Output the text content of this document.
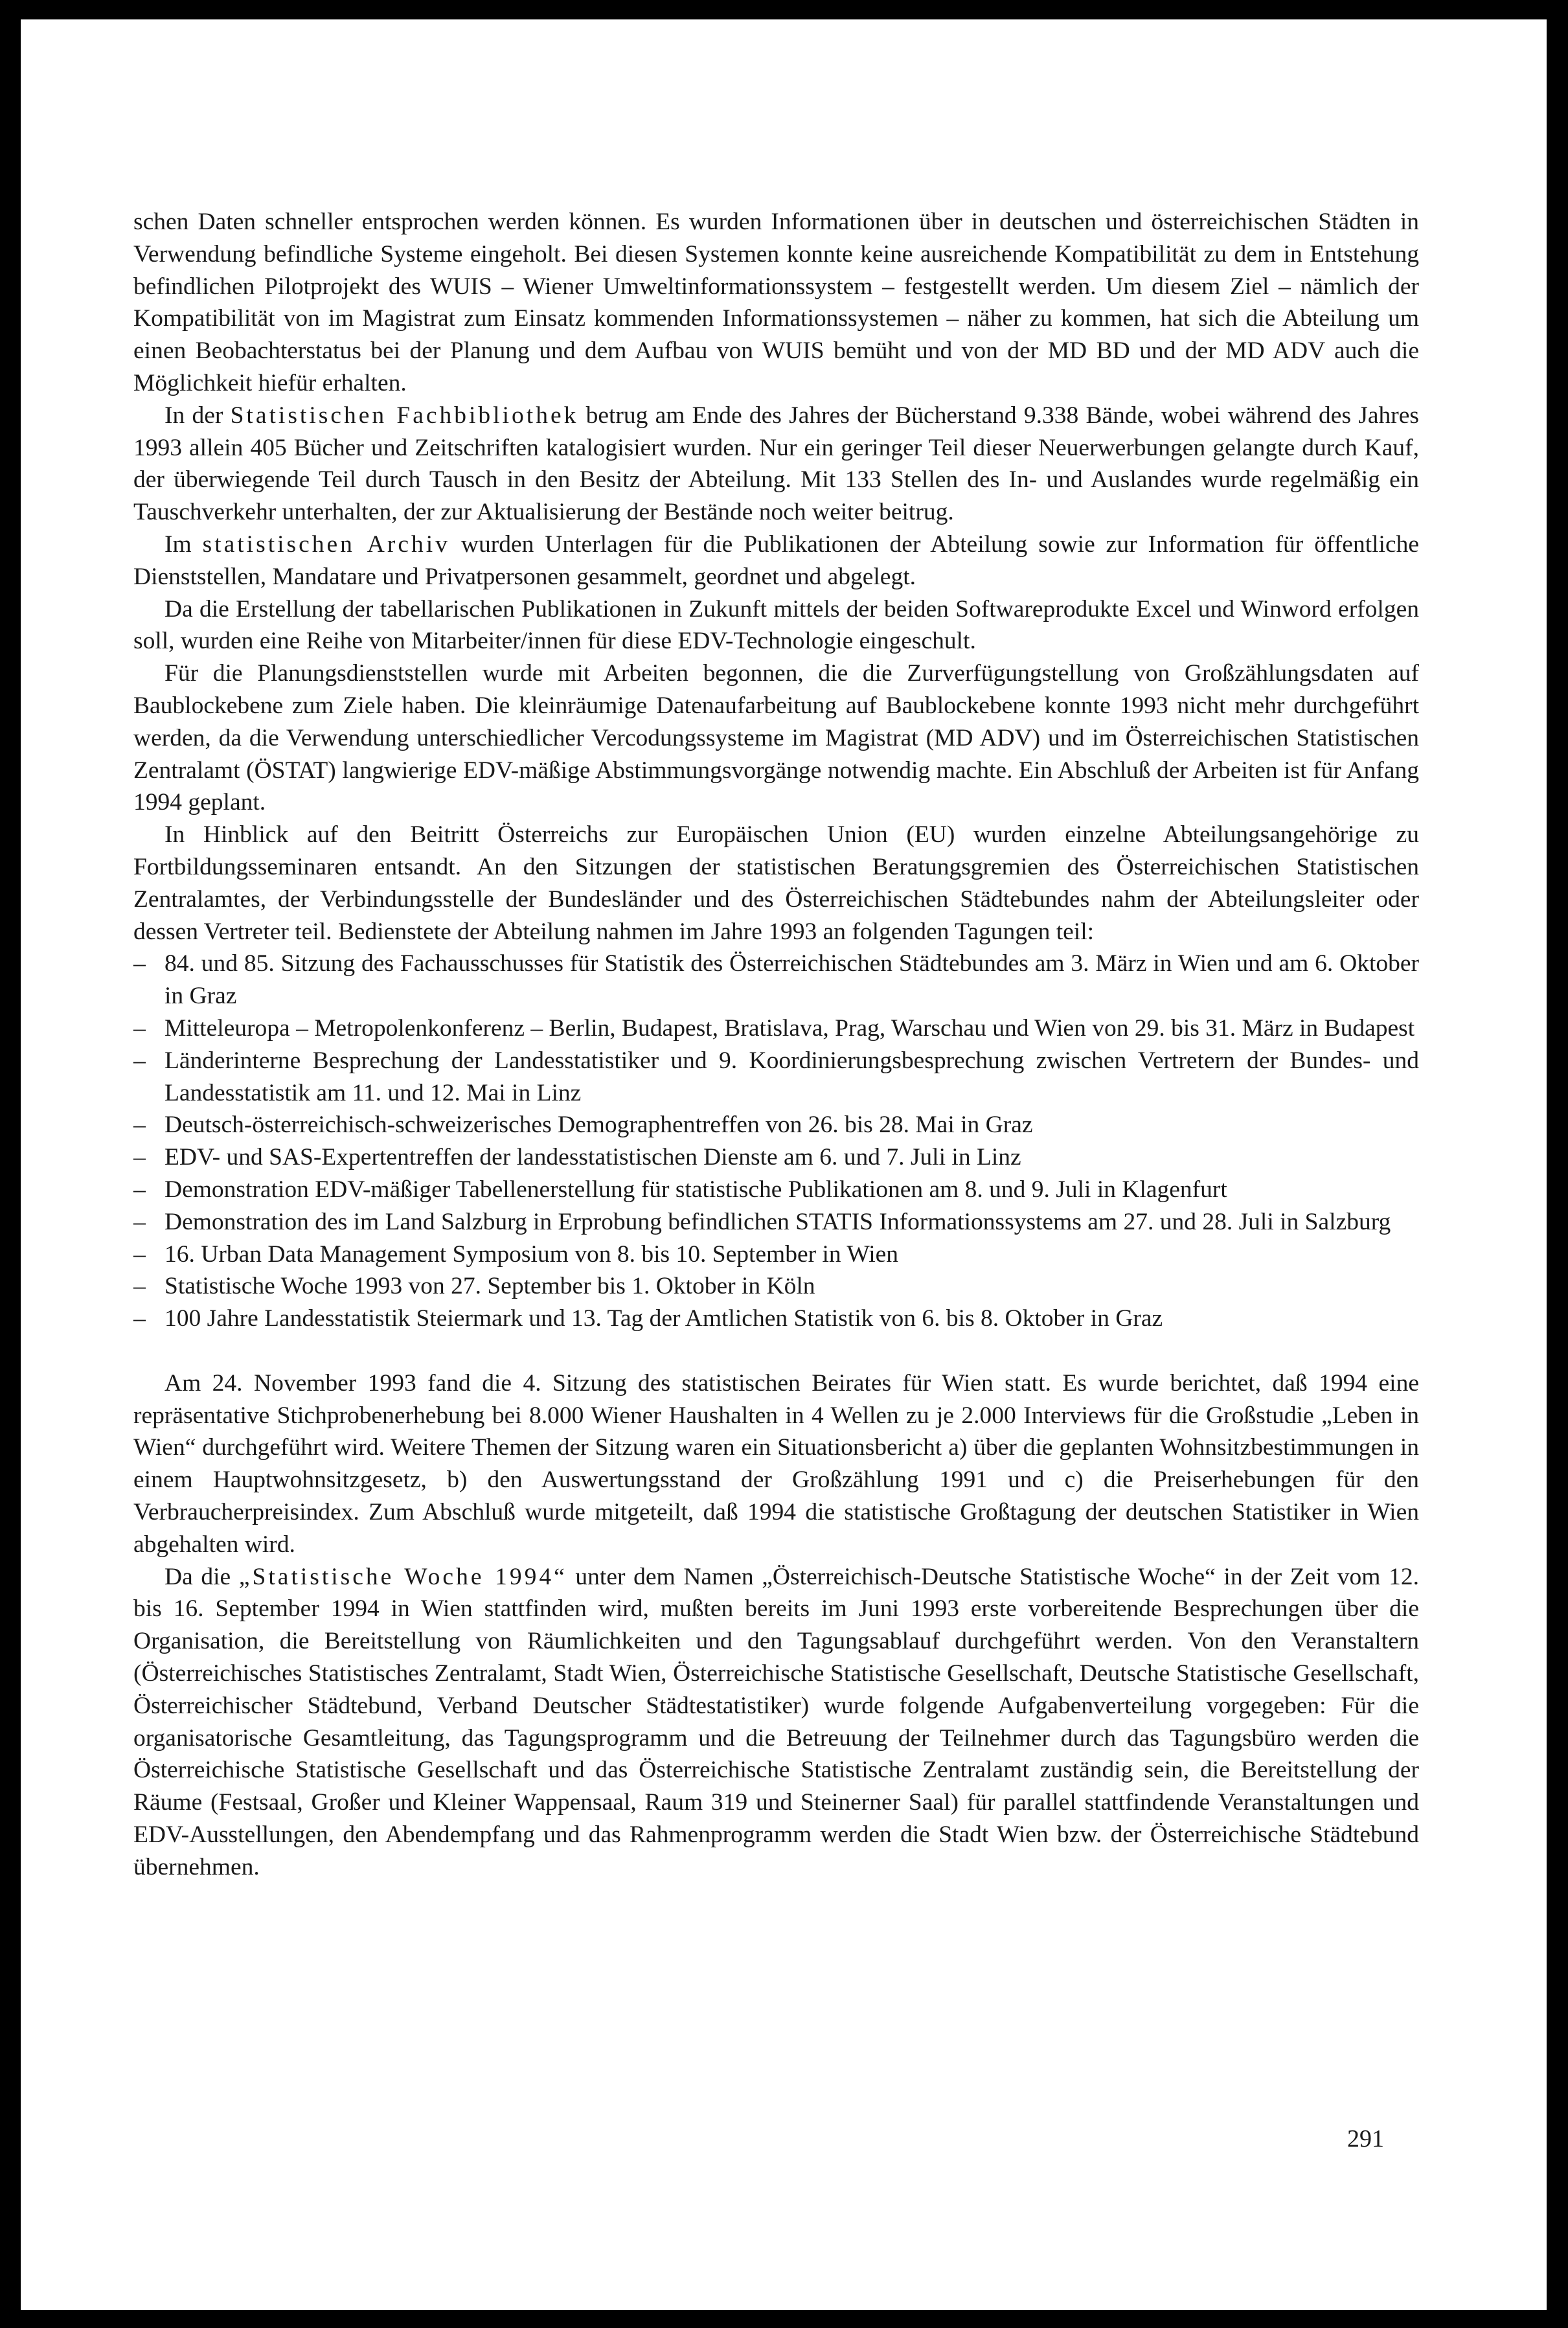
schen Daten schneller entsprochen werden können. Es wurden Informationen über in deutschen und österreichischen Städten in Verwendung befindliche Systeme eingeholt. Bei diesen Systemen konnte keine ausreichende Kompatibilität zu dem in Entstehung befindlichen Pilotprojekt des WUIS – Wiener Umweltinformationssystem – festgestellt werden. Um diesem Ziel – nämlich der Kompatibilität von im Magistrat zum Einsatz kommenden Informationssystemen – näher zu kommen, hat sich die Abteilung um einen Beobachterstatus bei der Planung und dem Aufbau von WUIS bemüht und von der MD BD und der MD ADV auch die Möglichkeit hiefür erhalten.

In der Statistischen Fachbibliothek betrug am Ende des Jahres der Bücherstand 9.338 Bände, wobei während des Jahres 1993 allein 405 Bücher und Zeitschriften katalogisiert wurden. Nur ein geringer Teil dieser Neuerwerbungen gelangte durch Kauf, der überwiegende Teil durch Tausch in den Besitz der Abteilung. Mit 133 Stellen des In- und Auslandes wurde regelmäßig ein Tauschverkehr unterhalten, der zur Aktualisierung der Bestände noch weiter beitrug.

Im statistischen Archiv wurden Unterlagen für die Publikationen der Abteilung sowie zur Information für öffentliche Dienststellen, Mandatare und Privatpersonen gesammelt, geordnet und abgelegt.

Da die Erstellung der tabellarischen Publikationen in Zukunft mittels der beiden Softwareprodukte Excel und Winword erfolgen soll, wurden eine Reihe von Mitarbeiter/innen für diese EDV-Technologie eingeschult.

Für die Planungsdienststellen wurde mit Arbeiten begonnen, die die Zurverfügungstellung von Großzählungsdaten auf Baublockebene zum Ziele haben. Die kleinräumige Datenaufarbeitung auf Baublockebene konnte 1993 nicht mehr durchgeführt werden, da die Verwendung unterschiedlicher Vercodungssysteme im Magistrat (MD ADV) und im Österreichischen Statistischen Zentralamt (ÖSTAT) langwierige EDV-mäßige Abstimmungsvorgänge notwendig machte. Ein Abschluß der Arbeiten ist für Anfang 1994 geplant.

In Hinblick auf den Beitritt Österreichs zur Europäischen Union (EU) wurden einzelne Abteilungsangehörige zu Fortbildungsseminaren entsandt. An den Sitzungen der statistischen Beratungsgremien des Österreichischen Statistischen Zentralamtes, der Verbindungsstelle der Bundesländer und des Österreichischen Städtebundes nahm der Abteilungsleiter oder dessen Vertreter teil. Bedienstete der Abteilung nahmen im Jahre 1993 an folgenden Tagungen teil:

– 84. und 85. Sitzung des Fachausschusses für Statistik des Österreichischen Städtebundes am 3. März in Wien und am 6. Oktober in Graz
– Mitteleuropa – Metropolenkonferenz – Berlin, Budapest, Bratislava, Prag, Warschau und Wien von 29. bis 31. März in Budapest
– Länderinterne Besprechung der Landesstatistiker und 9. Koordinierungsbesprechung zwischen Vertretern der Bundes- und Landesstatistik am 11. und 12. Mai in Linz
– Deutsch-österreichisch-schweizerisches Demographentreffen von 26. bis 28. Mai in Graz
– EDV- und SAS-Expertentreffen der landesstatistischen Dienste am 6. und 7. Juli in Linz
– Demonstration EDV-mäßiger Tabellenerstellung für statistische Publikationen am 8. und 9. Juli in Klagenfurt
– Demonstration des im Land Salzburg in Erprobung befindlichen STATIS Informationssystems am 27. und 28. Juli in Salzburg
– 16. Urban Data Management Symposium von 8. bis 10. September in Wien
– Statistische Woche 1993 von 27. September bis 1. Oktober in Köln
– 100 Jahre Landesstatistik Steiermark und 13. Tag der Amtlichen Statistik von 6. bis 8. Oktober in Graz

Am 24. November 1993 fand die 4. Sitzung des statistischen Beirates für Wien statt. Es wurde berichtet, daß 1994 eine repräsentative Stichprobenerhebung bei 8.000 Wiener Haushalten in 4 Wellen zu je 2.000 Interviews für die Großstudie „Leben in Wien“ durchgeführt wird. Weitere Themen der Sitzung waren ein Situationsbericht a) über die geplanten Wohnsitzbestimmungen in einem Hauptwohnsitzgesetz, b) den Auswertungsstand der Großzählung 1991 und c) die Preiserhebungen für den Verbraucherpreisindex. Zum Abschluß wurde mitgeteilt, daß 1994 die statistische Großtagung der deutschen Statistiker in Wien abgehalten wird.

Da die „Statistische Woche 1994“ unter dem Namen „Österreichisch-Deutsche Statistische Woche“ in der Zeit vom 12. bis 16. September 1994 in Wien stattfinden wird, mußten bereits im Juni 1993 erste vorbereitende Besprechungen über die Organisation, die Bereitstellung von Räumlichkeiten und den Tagungsablauf durchgeführt werden. Von den Veranstaltern (Österreichisches Statistisches Zentralamt, Stadt Wien, Österreichische Statistische Gesellschaft, Deutsche Statistische Gesellschaft, Österreichischer Städtebund, Verband Deutscher Städtestatistiker) wurde folgende Aufgabenverteilung vorgegeben: Für die organisatorische Gesamtleitung, das Tagungsprogramm und die Betreuung der Teilnehmer durch das Tagungsbüro werden die Österreichische Statistische Gesellschaft und das Österreichische Statistische Zentralamt zuständig sein, die Bereitstellung der Räume (Festsaal, Großer und Kleiner Wappensaal, Raum 319 und Steinerner Saal) für parallel stattfindende Veranstaltungen und EDV-Ausstellungen, den Abendempfang und das Rahmenprogramm werden die Stadt Wien bzw. der Österreichische Städtebund übernehmen.

291
